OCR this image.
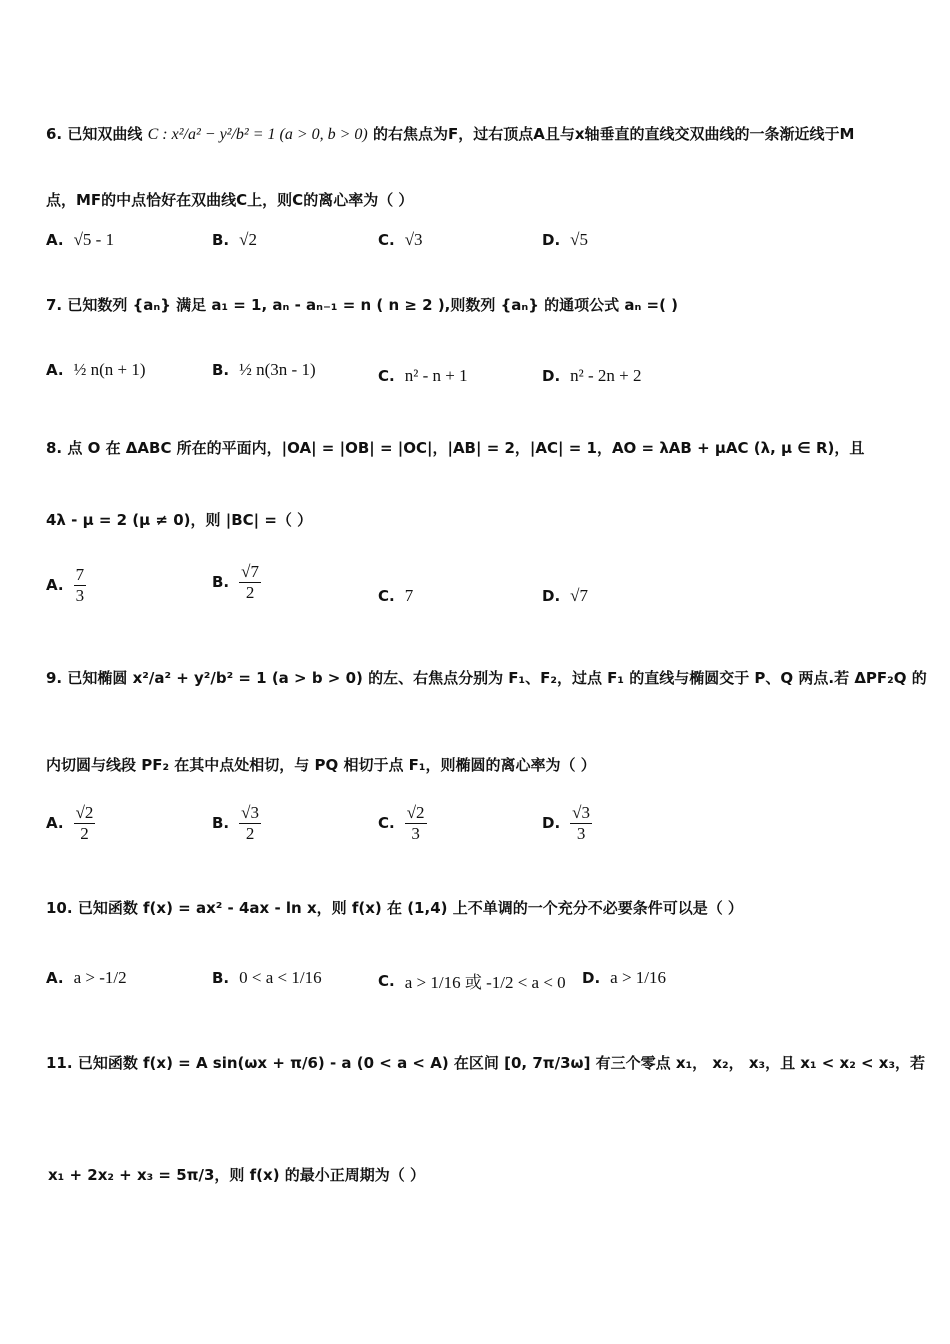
6. 已知双曲线 C : x²/a² − y²/b² = 1 (a > 0, b > 0) 的右焦点为F，过右顶点A且与x轴垂直的直线交双曲线的一条渐近线于M
点，MF的中点恰好在双曲线C上，则C的离心率为（ ）
A. √5 - 1	B. √2	C. √3	D. √5
7. 已知数列 {aₙ} 满足 a₁ = 1, aₙ - aₙ₋₁ = n ( n ≥ 2 ),则数列 {aₙ} 的通项公式 aₙ =( )
A. ½ n(n + 1)	B. ½ n(3n - 1)	C. n² - n + 1	D. n² - 2n + 2
8. 点 O 在 ΔABC 所在的平面内，|OA| = |OB| = |OC|，|AB| = 2，|AC| = 1，AO = λAB + μAC (λ, μ ∈ R)，且
4λ - μ = 2 (μ ≠ 0)，则 |BC| =（ ）
A. $\frac{7}{3}$	B. $\frac{√7}{2}$	C. 7	D. √7
9. 已知椭圆 x²/a² + y²/b² = 1 (a > b > 0) 的左、右焦点分别为 F₁、F₂，过点 F₁ 的直线与椭圆交于 P、Q 两点.若 ΔPF₂Q 的
内切圆与线段 PF₂ 在其中点处相切，与 PQ 相切于点 F₁，则椭圆的离心率为（ ）
A. $\frac{√2}{2}$	B. $\frac{√3}{2}$	C. $\frac{√2}{3}$	D. $\frac{√3}{3}$
10. 已知函数 f(x) = ax² - 4ax - ln x，则 f(x) 在 (1,4) 上不单调的一个充分不必要条件可以是（ ）
A. a > -1/2	B. 0 < a < 1/16	C. a > 1/16 或 -1/2 < a < 0 D. a > 1/16
11. 已知函数 f(x) = A sin(ωx + π/6) - a (0 < a < A) 在区间 [0, 7π/3ω] 有三个零点 x₁， x₂， x₃，且 x₁ < x₂ < x₃，若
x₁ + 2x₂ + x₃ = 5π/3，则 f(x) 的最小正周期为（ ）
